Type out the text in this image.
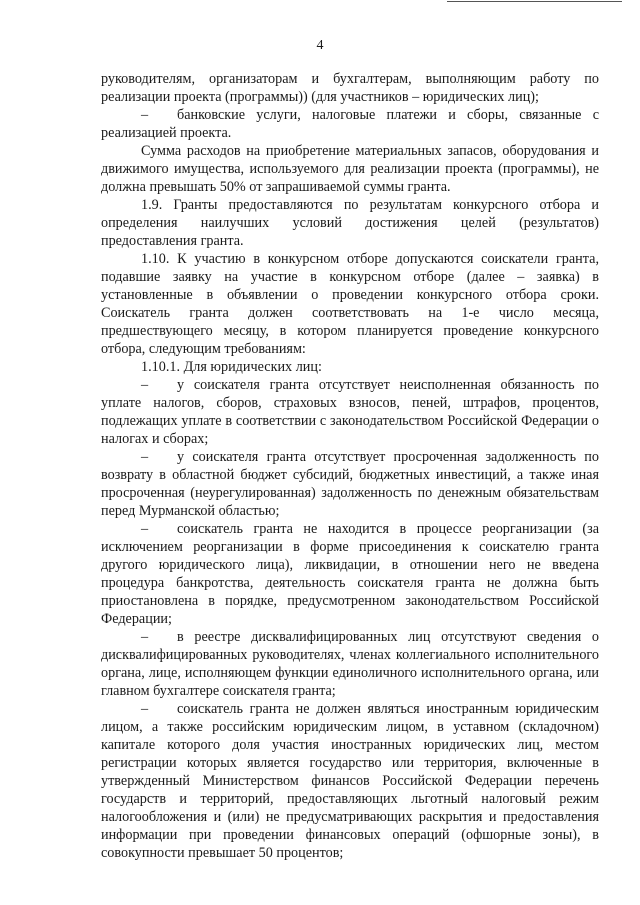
4

руководителям, организаторам и бухгалтерам, выполняющим работу по реализации проекта (программы)) (для участников – юридических лиц);

– банковские услуги, налоговые платежи и сборы, связанные с реализацией проекта.

Сумма расходов на приобретение материальных запасов, оборудования и движимого имущества, используемого для реализации проекта (программы), не должна превышать 50% от запрашиваемой суммы гранта.

1.9. Гранты предоставляются по результатам конкурсного отбора и определения наилучших условий достижения целей (результатов) предоставления гранта.

1.10. К участию в конкурсном отборе допускаются соискатели гранта, подавшие заявку на участие в конкурсном отборе (далее – заявка) в установленные в объявлении о проведении конкурсного отбора сроки. Соискатель гранта должен соответствовать на 1-е число месяца, предшествующего месяцу, в котором планируется проведение конкурсного отбора, следующим требованиям:

1.10.1. Для юридических лиц:

– у соискателя гранта отсутствует неисполненная обязанность по уплате налогов, сборов, страховых взносов, пеней, штрафов, процентов, подлежащих уплате в соответствии с законодательством Российской Федерации о налогах и сборах;

– у соискателя гранта отсутствует просроченная задолженность по возврату в областной бюджет субсидий, бюджетных инвестиций, а также иная просроченная (неурегулированная) задолженность по денежным обязательствам перед Мурманской областью;

– соискатель гранта не находится в процессе реорганизации (за исключением реорганизации в форме присоединения к соискателю гранта другого юридического лица), ликвидации, в отношении него не введена процедура банкротства, деятельность соискателя гранта не должна быть приостановлена в порядке, предусмотренном законодательством Российской Федерации;

– в реестре дисквалифицированных лиц отсутствуют сведения о дисквалифицированных руководителях, членах коллегиального исполнительного органа, лице, исполняющем функции единоличного исполнительного органа, или главном бухгалтере соискателя гранта;

– соискатель гранта не должен являться иностранным юридическим лицом, а также российским юридическим лицом, в уставном (складочном) капитале которого доля участия иностранных юридических лиц, местом регистрации которых является государство или территория, включенные в утвержденный Министерством финансов Российской Федерации перечень государств и территорий, предоставляющих льготный налоговый режим налогообложения и (или) не предусматривающих раскрытия и предоставления информации при проведении финансовых операций (офшорные зоны), в совокупности превышает 50 процентов;
